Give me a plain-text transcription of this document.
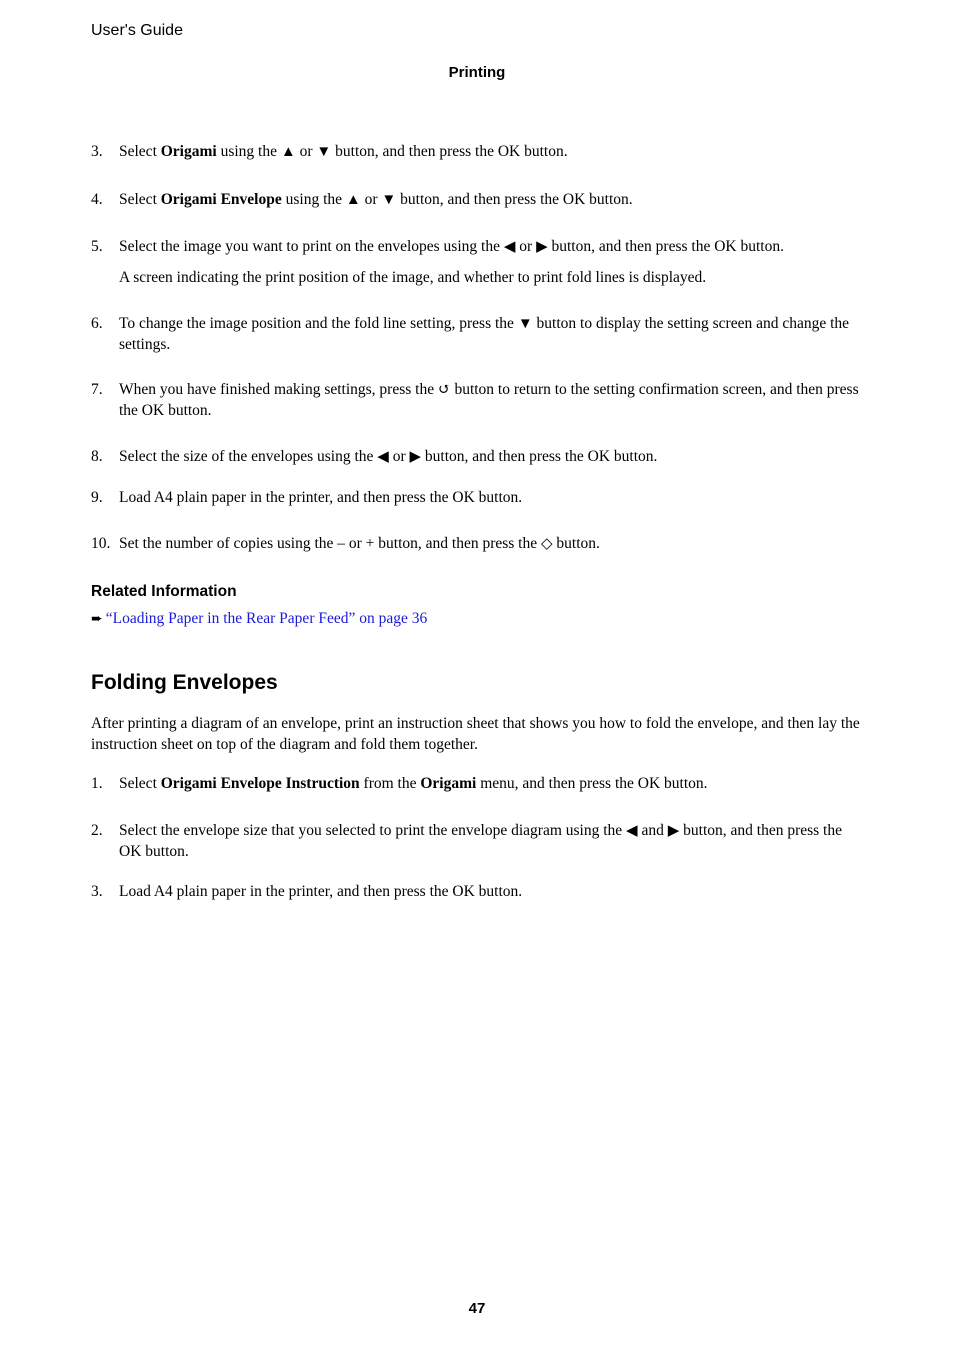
User's Guide
Printing
3. Select Origami using the ▲ or ▼ button, and then press the OK button.
4. Select Origami Envelope using the ▲ or ▼ button, and then press the OK button.
5. Select the image you want to print on the envelopes using the ◀ or ▶ button, and then press the OK button.
A screen indicating the print position of the image, and whether to print fold lines is displayed.
6. To change the image position and the fold line setting, press the ▼ button to display the setting screen and change the settings.
7. When you have finished making settings, press the ↺ button to return to the setting confirmation screen, and then press the OK button.
8. Select the size of the envelopes using the ◀ or ▶ button, and then press the OK button.
9. Load A4 plain paper in the printer, and then press the OK button.
10. Set the number of copies using the – or + button, and then press the ◇ button.
Related Information
➨ “Loading Paper in the Rear Paper Feed” on page 36
Folding Envelopes
After printing a diagram of an envelope, print an instruction sheet that shows you how to fold the envelope, and then lay the instruction sheet on top of the diagram and fold them together.
1. Select Origami Envelope Instruction from the Origami menu, and then press the OK button.
2. Select the envelope size that you selected to print the envelope diagram using the ◀ and ▶ button, and then press the OK button.
3. Load A4 plain paper in the printer, and then press the OK button.
47
